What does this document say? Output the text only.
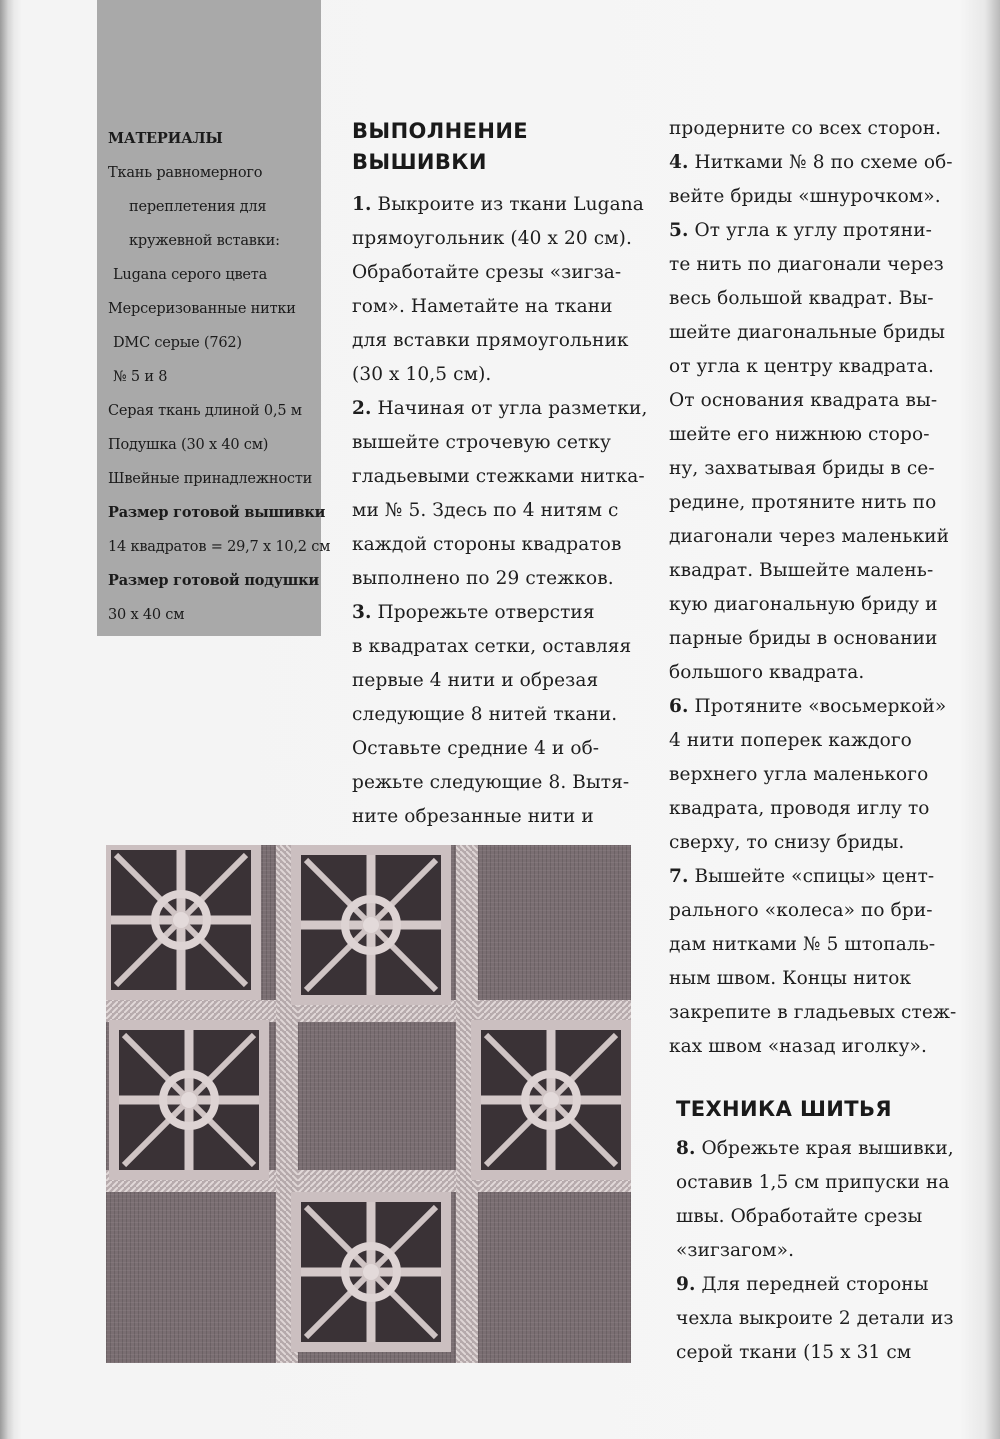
МАТЕРИАЛЫ
Ткань равномерного
переплетения для
кружевной вставки:
Lugana серого цвета
Мерсеризованные нитки
DMC серые (762)
№ 5 и 8
Серая ткань длиной 0,5 м
Подушка (30 х 40 см)
Швейные принадлежности
Размер готовой вышивки
14 квадратов = 29,7 х 10,2 см
Размер готовой подушки
30 х 40 см
ВЫПОЛНЕНИЕ
ВЫШИВКИ
1. Выкроите из ткани Lugana
прямоугольник (40 х 20 см).
Обработайте срезы «зигза-
гом». Наметайте на ткани
для вставки прямоугольник
(30 х 10,5 см).
2. Начиная от угла разметки,
вышейте строчевую сетку
гладьевыми стежками нитка-
ми № 5. Здесь по 4 нитям с
каждой стороны квадратов
выполнено по 29 стежков.
3. Прорежьте отверстия
в квадратах сетки, оставляя
первые 4 нити и обрезая
следующие 8 нитей ткани.
Оставьте средние 4 и об-
режьте следующие 8. Вытя-
ните обрезанные нити и
продерните со всех сторон.
4. Нитками № 8 по схеме об-
вейте бриды «шнурочком».
5. От угла к углу протяни-
те нить по диагонали через
весь большой квадрат. Вы-
шейте диагональные бриды
от угла к центру квадрата.
От основания квадрата вы-
шейте его нижнюю сторо-
ну, захватывая бриды в се-
редине, протяните нить по
диагонали через маленький
квадрат. Вышейте малень-
кую диагональную бриду и
парные бриды в основании
большого квадрата.
6. Протяните «восьмеркой»
4 нити поперек каждого
верхнего угла маленького
квадрата, проводя иглу то
сверху, то снизу бриды.
7. Вышейте «спицы» цент-
рального «колеса» по бри-
дам нитками № 5 штопаль-
ным швом. Концы ниток
закрепите в гладьевых стеж-
ках швом «назад иголку».
ТЕХНИКА ШИТЬЯ
8. Обрежьте края вышивки,
оставив 1,5 см припуски на
швы. Обработайте срезы
«зигзагом».
9. Для передней стороны
чехла выкроите 2 детали из
серой ткани (15 х 31 см
